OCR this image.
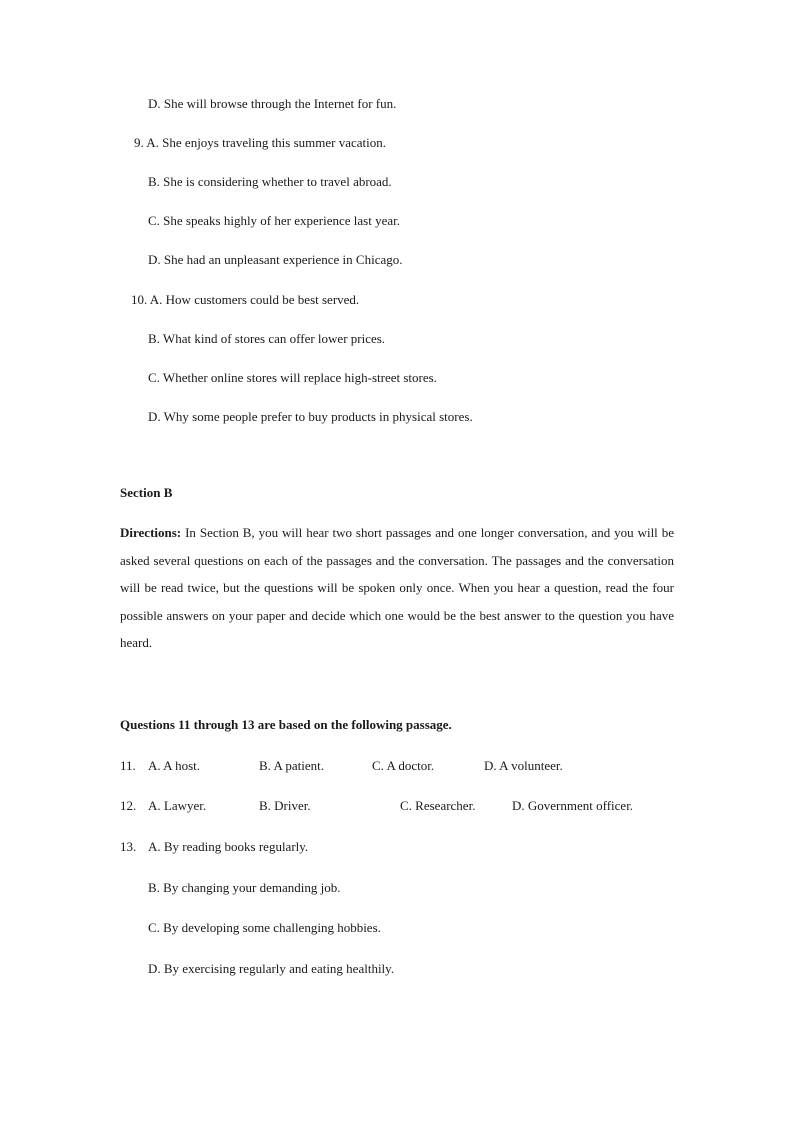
D. She will browse through the Internet for fun.
9. A. She enjoys traveling this summer vacation.
B. She is considering whether to travel abroad.
C. She speaks highly of her experience last year.
D. She had an unpleasant experience in Chicago.
10. A. How customers could be best served.
B. What kind of stores can offer lower prices.
C. Whether online stores will replace high-street stores.
D. Why some people prefer to buy products in physical stores.
Section B
Directions: In Section B, you will hear two short passages and one longer conversation, and you will be asked several questions on each of the passages and the conversation. The passages and the conversation will be read twice, but the questions will be spoken only once. When you hear a question, read the four possible answers on your paper and decide which one would be the best answer to the question you have heard.
Questions 11 through 13 are based on the following passage.
11. A. A host.	B. A patient.	C. A doctor.	D. A volunteer.
12. A. Lawyer.	B. Driver.	C. Researcher.	D. Government officer.
13. A. By reading books regularly.
B. By changing your demanding job.
C. By developing some challenging hobbies.
D. By exercising regularly and eating healthily.
